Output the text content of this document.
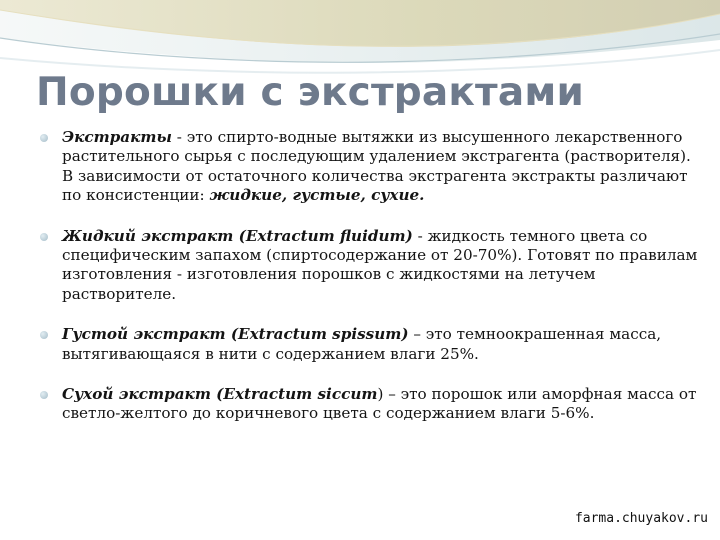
Порошки с экстрактами
Экстракты - это спирто-водные вытяжки из высушенного лекарственного растительного сырья с последующим удалением экстрагента (растворителя). В зависимости от остаточного количества экстрагента экстракты различают по консистенции: жидкие, густые, сухие.
Жидкий экстракт (Extractum fluidum) - жидкость темного цвета со специфическим запахом (спиртосодержание от 20-70%). Готовят по правилам изготовления - изготовления порошков с жидкостями на летучем растворителе.
Густой экстракт (Extractum spissum) – это темноокрашенная масса, вытягивающаяся в нити с содержанием влаги 25%.
Сухой экстракт (Extractum siccum) – это порошок или аморфная масса от светло-желтого до коричневого цвета с содержанием влаги 5-6%.
farma.chuyakov.ru
